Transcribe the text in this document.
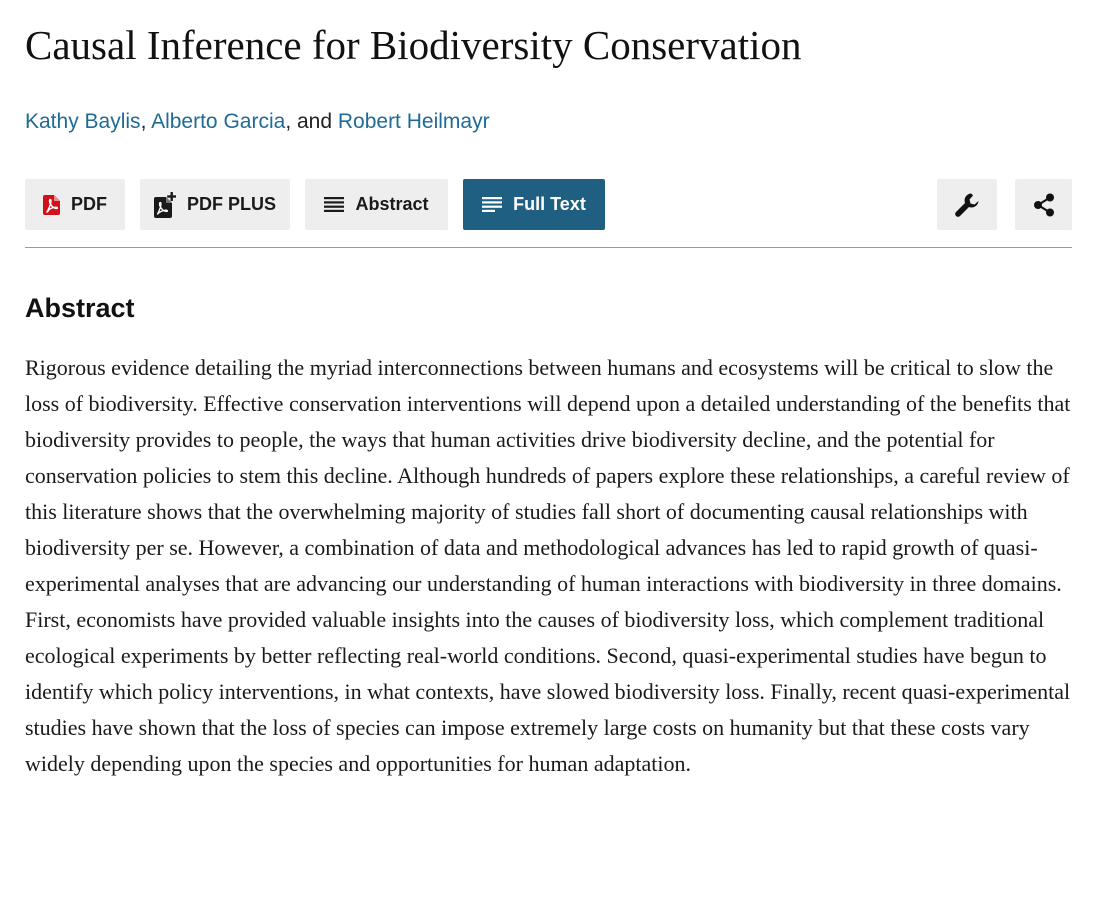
Causal Inference for Biodiversity Conservation
Kathy Baylis, Alberto Garcia, and Robert Heilmayr
PDF	PDF PLUS	Abstract	Full Text
Abstract

Rigorous evidence detailing the myriad interconnections between humans and ecosystems will be critical to slow the loss of biodiversity. Effective conservation interventions will depend upon a detailed understanding of the benefits that biodiversity provides to people, the ways that human activities drive biodiversity decline, and the potential for conservation policies to stem this decline. Although hundreds of papers explore these relationships, a careful review of this literature shows that the overwhelming majority of studies fall short of documenting causal relationships with biodiversity per se. However, a combination of data and methodological advances has led to rapid growth of quasi-experimental analyses that are advancing our understanding of human interactions with biodiversity in three domains. First, economists have provided valuable insights into the causes of biodiversity loss, which complement traditional ecological experiments by better reflecting real-world conditions. Second, quasi-experimental studies have begun to identify which policy interventions, in what contexts, have slowed biodiversity loss. Finally, recent quasi-experimental studies have shown that the loss of species can impose extremely large costs on humanity but that these costs vary widely depending upon the species and opportunities for human adaptation.
